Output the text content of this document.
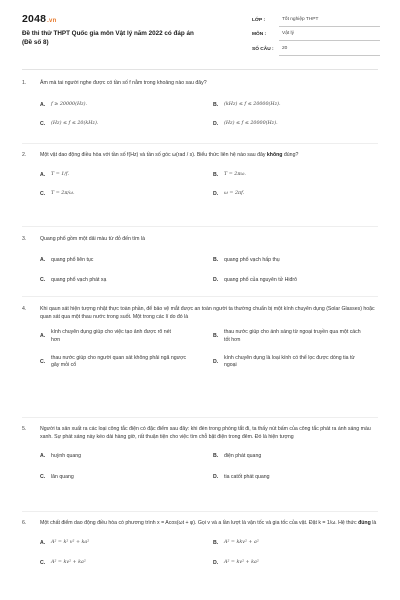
2048.vn
Đề thi thử THPT Quốc gia môn Vật lý năm 2022 có đáp án
(Đề số 8)
LỚP :	Tốt nghiệp THPT
MÔN :	Vật lý
SỐ CÂU :	20
1.	Âm mà tai người nghe được có tần số f nằm trong khoảng nào sau đây?
A.	f ≥ 20000(Hz).	B.	(kHz) ≤ f ≤ 20000(Hz).
C.	(Hz) ≤ f ≤ 20(kHz).	D.	(Hz) ≤ f ≤ 20000(Hz).
2.	Một vật dao động điều hòa với tần số f(Hz) và tần số góc ω(rad / s). Biểu thức liên hệ nào sau đây không đúng?
A.	T = 1/f.	B.	T = 2πω.
C.	T = 2π/ω.	D.	ω = 2πf.
3.	Quang phổ gồm một dải màu từ đỏ đến tím là
A.	quang phổ liên tục	B.	quang phổ vạch hấp thụ
C.	quang phổ vạch phát xạ	D.	quang phổ của nguyên tử Hiđrô
4.	Khi qaun sát hiện tượng nhật thực toàn phần, để bảo vệ mắt được an toàn người ta thường chuẩn bị một kính chuyên dụng (Solar Glasses) hoặc quan sát qua một thau nước trong suốt. Một trong các lí do đó là
A.
kính chuyên dụng giúp cho việc tạo ảnh được rõ nét hơn
B.
thau nước giúp cho ánh sáng từ ngoại truyền qua một cách tốt hơn
C.
thau nước giúp cho người quan sát không phải ngã ngược gây mỏi cổ
D.
kính chuyên dụng là loại kính có thể lọc được dòng tia từ ngoại
5.	Người ta sản xuất ra các loại công tắc điện có đặc điểm sau đây: khi đèn trong phòng tắt đi, ta thấy nút bấm của công tắc phát ra ánh sáng màu xanh. Sự phát sáng này kéo dài hàng giờ, rất thuận tiện cho việc tìm chỗ bật điện trong đêm. Đó là hiện tượng
A.	huỳnh quang	B.	điện phát quang
C.	lân quang	D.	tia catốt phát quang
6.	Một chất điểm dao động điều hòa có phương trình x = Acos(ωt + φ). Gọi v và a lần lượt là vận tốc và gia tốc của vật. Đặt k = 1/ω. Hệ thức đúng là
A.	A² = k² v² + ka²	B.	A² = kkv² + a²
C.	A² = kv² + ka²	D.	A² = kv² + ka²
